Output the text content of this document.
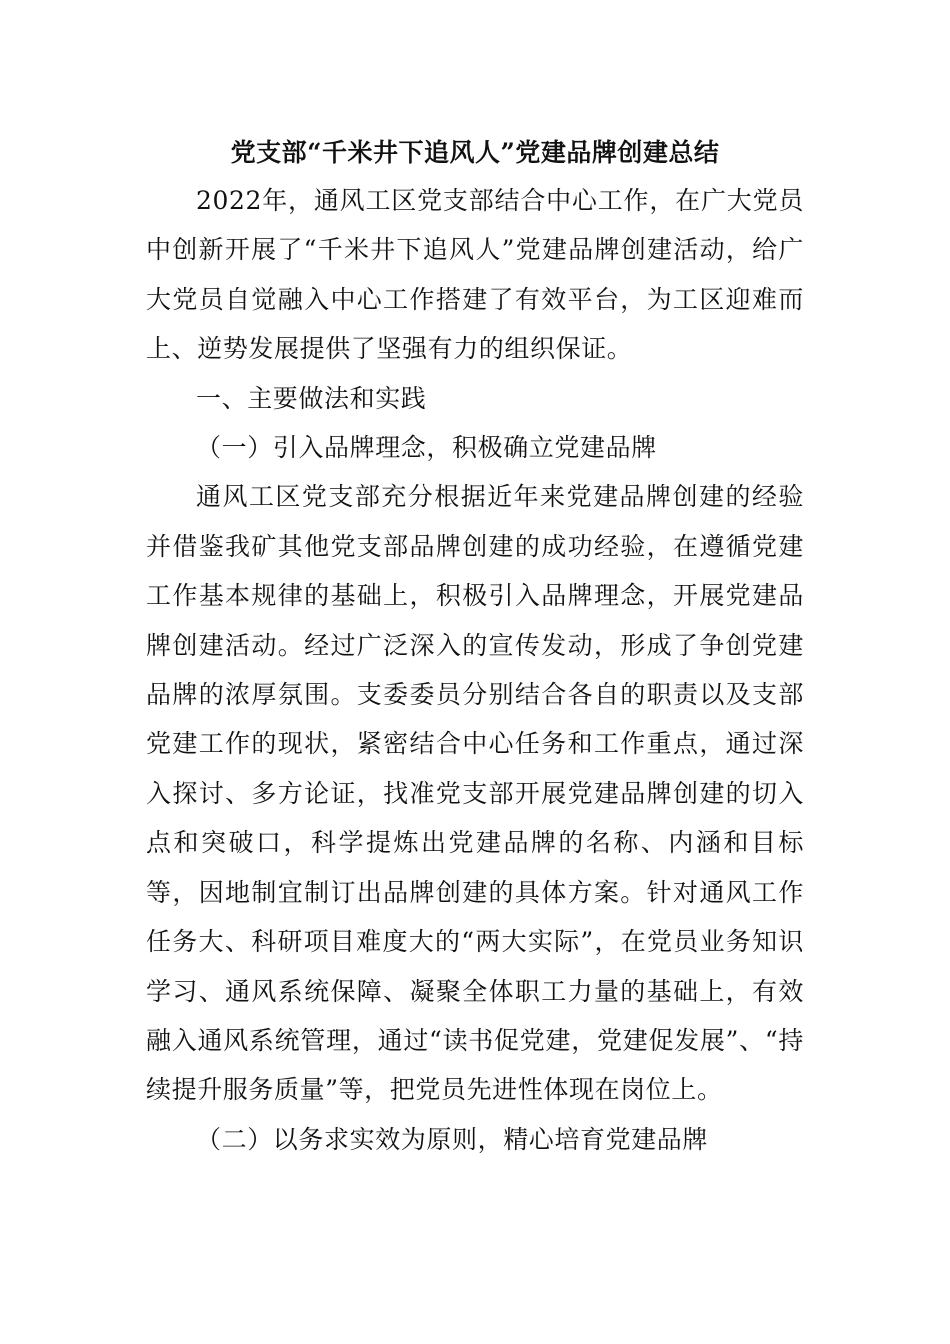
党支部“千米井下追风人”党建品牌创建总结

2022年，通风工区党支部结合中心工作，在广大党员中创新开展了“千米井下追风人”党建品牌创建活动，给广大党员自觉融入中心工作搭建了有效平台，为工区迎难而上、逆势发展提供了坚强有力的组织保证。

一、主要做法和实践

（一）引入品牌理念，积极确立党建品牌

通风工区党支部充分根据近年来党建品牌创建的经验并借鉴我矿其他党支部品牌创建的成功经验，在遵循党建工作基本规律的基础上，积极引入品牌理念，开展党建品牌创建活动。经过广泛深入的宣传发动，形成了争创党建品牌的浓厚氛围。支委委员分别结合各自的职责以及支部党建工作的现状，紧密结合中心任务和工作重点，通过深入探讨、多方论证，找准党支部开展党建品牌创建的切入点和突破口，科学提炼出党建品牌的名称、内涵和目标等，因地制宜制订出品牌创建的具体方案。针对通风工作任务大、科研项目难度大的“两大实际”，在党员业务知识学习、通风系统保障、凝聚全体职工力量的基础上，有效融入通风系统管理，通过“读书促党建，党建促发展”、“持续提升服务质量”等，把党员先进性体现在岗位上。

（二）以务求实效为原则，精心培育党建品牌
